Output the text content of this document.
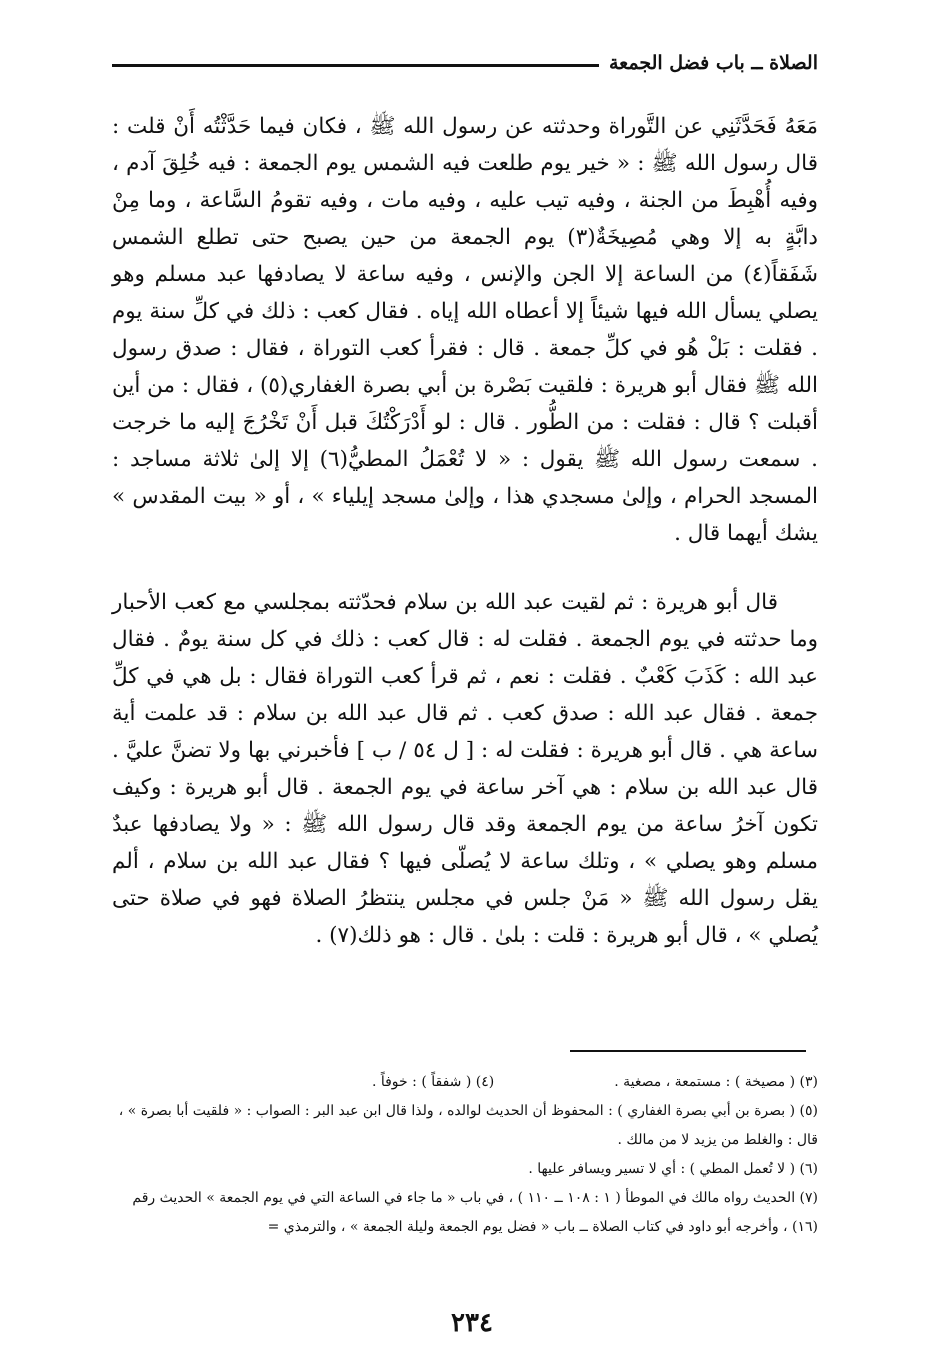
الصلاة ــ باب فضل الجمعة

مَعَهُ فَحَدَّثَنِي عن التَّوراة وحدثته عن رسول الله ﷺ ، فكان فيما حَدَّثْتُه أَنْ قلت : قال رسول الله ﷺ : « خير يوم طلعت فيه الشمس يوم الجمعة : فيه خُلِقَ آدم ، وفيه أُهْبِطَ من الجنة ، وفيه تيب عليه ، وفيه مات ، وفيه تقومُ السَّاعة ، وما مِنْ دابَّةٍ به إلا وهي مُصِيخَةٌ(٣) يوم الجمعة من حين يصبح حتى تطلع الشمس شَفَقاً(٤) من الساعة إلا الجن والإنس ، وفيه ساعة لا يصادفها عبد مسلم وهو يصلي يسأل الله فيها شيئاً إلا أعطاه الله إياه . فقال كعب : ذلك في كلِّ سنة يوم . فقلت : بَلْ هُو في كلِّ جمعة . قال : فقرأ كعب التوراة ، فقال : صدق رسول الله ﷺ فقال أبو هريرة : فلقيت بَصْرة بن أبي بصرة الغفاري(٥) ، فقال : من أين أقبلت ؟ قال : فقلت : من الطُّور . قال : لو أَدْرَكْتُكَ قبل أَنْ تَخْرُجَ إليه ما خرجت . سمعت رسول الله ﷺ يقول : « لا تُعْمَلُ المطيُّ(٦) إلا إلىٰ ثلاثة مساجد : المسجد الحرام ، وإلىٰ مسجدي هذا ، وإلىٰ مسجد إيلياء » ، أو « بيت المقدس » يشك أيهما قال .

قال أبو هريرة : ثم لقيت عبد الله بن سلام فحدّثته بمجلسي مع كعب الأحبار وما حدثته في يوم الجمعة . فقلت له : قال كعب : ذلك في كل سنة يومٌ . فقال عبد الله : كَذَبَ كَعْبٌ . فقلت : نعم ، ثم قرأ كعب التوراة فقال : بل هي في كلِّ جمعة . فقال عبد الله : صدق كعب . ثم قال عبد الله بن سلام : قد علمت أية ساعة هي . قال أبو هريرة : فقلت له : [ ل ٥٤ / ب ] فأخبرني بها ولا تضنَّ عليَّ . قال عبد الله بن سلام : هي آخر ساعة في يوم الجمعة . قال أبو هريرة : وكيف تكون آخرُ ساعة من يوم الجمعة وقد قال رسول الله ﷺ : « ولا يصادفها عبدٌ مسلم وهو يصلي » ، وتلك ساعة لا يُصلّى فيها ؟ فقال عبد الله بن سلام ، ألم يقل رسول الله ﷺ « مَنْ جلس في مجلس ينتظرُ الصلاة فهو في صلاة حتى يُصلي » ، قال أبو هريرة : قلت : بلىٰ . قال : هو ذلك(٧) .

(٣) ( مصيخة ) : مستمعة ، مصغية .
(٤) ( شفقاً ) : خوفاً .

(٥) ( بصرة بن أبي بصرة الغفاري ) : المحفوظ أن الحديث لوالده ، ولذا قال ابن عبد البر : الصواب : « فلقيت أبا بصرة » ، قال : والغلط من يزيد لا من مالك .

(٦) ( لا تُعمل المطي ) : أي لا تسير ويسافر عليها .

(٧) الحديث رواه مالك في الموطأ ( ١ : ١٠٨ ــ ١١٠ ) ، في باب « ما جاء في الساعة التي في يوم الجمعة » الحديث رقم (١٦) ، وأخرجه أبو داود في كتاب الصلاة ــ باب « فضل يوم الجمعة وليلة الجمعة » ، والترمذي =

٢٣٤
